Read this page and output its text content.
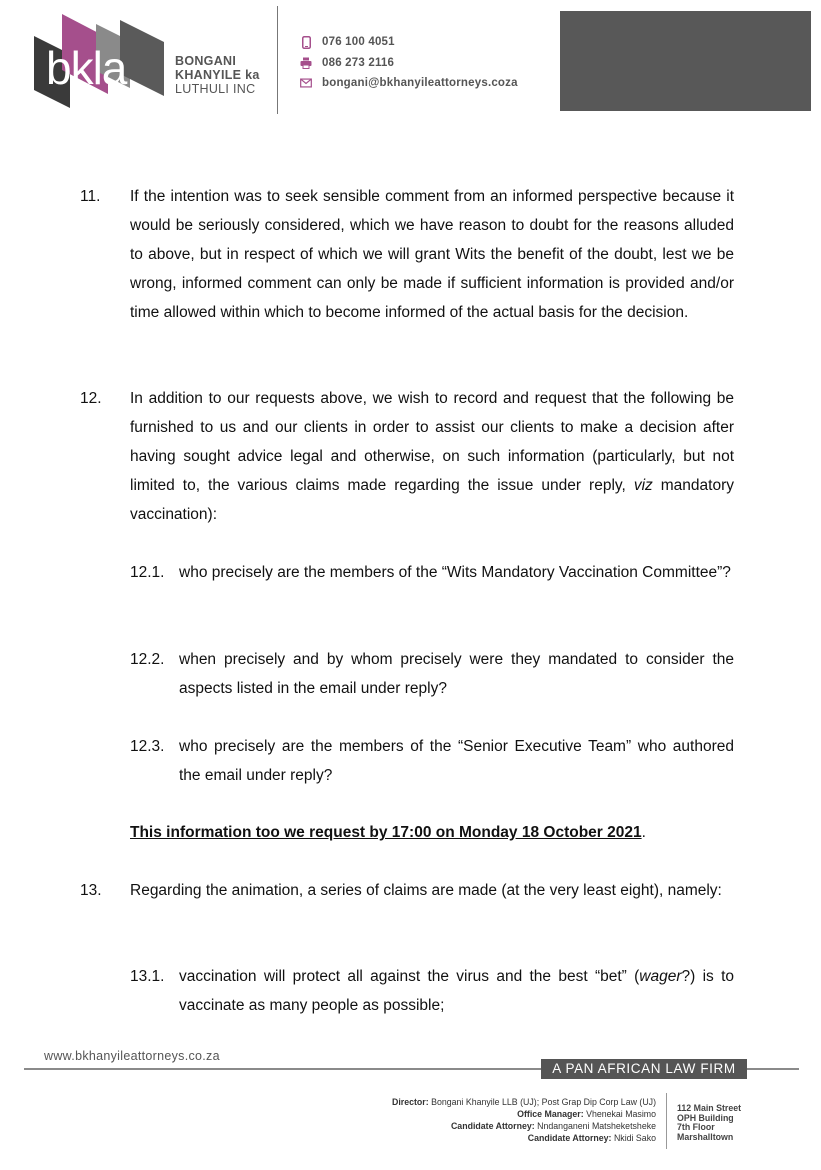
bkla	BONGANI
KHANYILE ka
LUTHULI INC
076 100 4051
086 273 2116
bongani@bkhanyileattorneys.coza
11. If the intention was to seek sensible comment from an informed perspective because it would be seriously considered, which we have reason to doubt for the reasons alluded to above, but in respect of which we will grant Wits the benefit of the doubt, lest we be wrong, informed comment can only be made if sufficient information is provided and/or time allowed within which to become informed of the actual basis for the decision.
12. In addition to our requests above, we wish to record and request that the following be furnished to us and our clients in order to assist our clients to make a decision after having sought advice legal and otherwise, on such information (particularly, but not limited to, the various claims made regarding the issue under reply, viz mandatory vaccination):
12.1. who precisely are the members of the “Wits Mandatory Vaccination Committee”?
12.2. when precisely and by whom precisely were they mandated to consider the aspects listed in the email under reply?
12.3. who precisely are the members of the “Senior Executive Team” who authored the email under reply?
This information too we request by 17:00 on Monday 18 October 2021.
13. Regarding the animation, a series of claims are made (at the very least eight), namely:
13.1. vaccination will protect all against the virus and the best “bet” (wager?) is to vaccinate as many people as possible;
www.bkhanyileattorneys.co.za
A PAN AFRICAN LAW FIRM
Director: Bongani Khanyile LLB (UJ); Post Grap Dip Corp Law (UJ)
Office Manager: Vhenekai Masimo
Candidate Attorney: Nndanganeni Matsheketsheke
Candidate Attorney: Nkidi Sako
112 Main Street
OPH Building
7th Floor
Marshalltown
